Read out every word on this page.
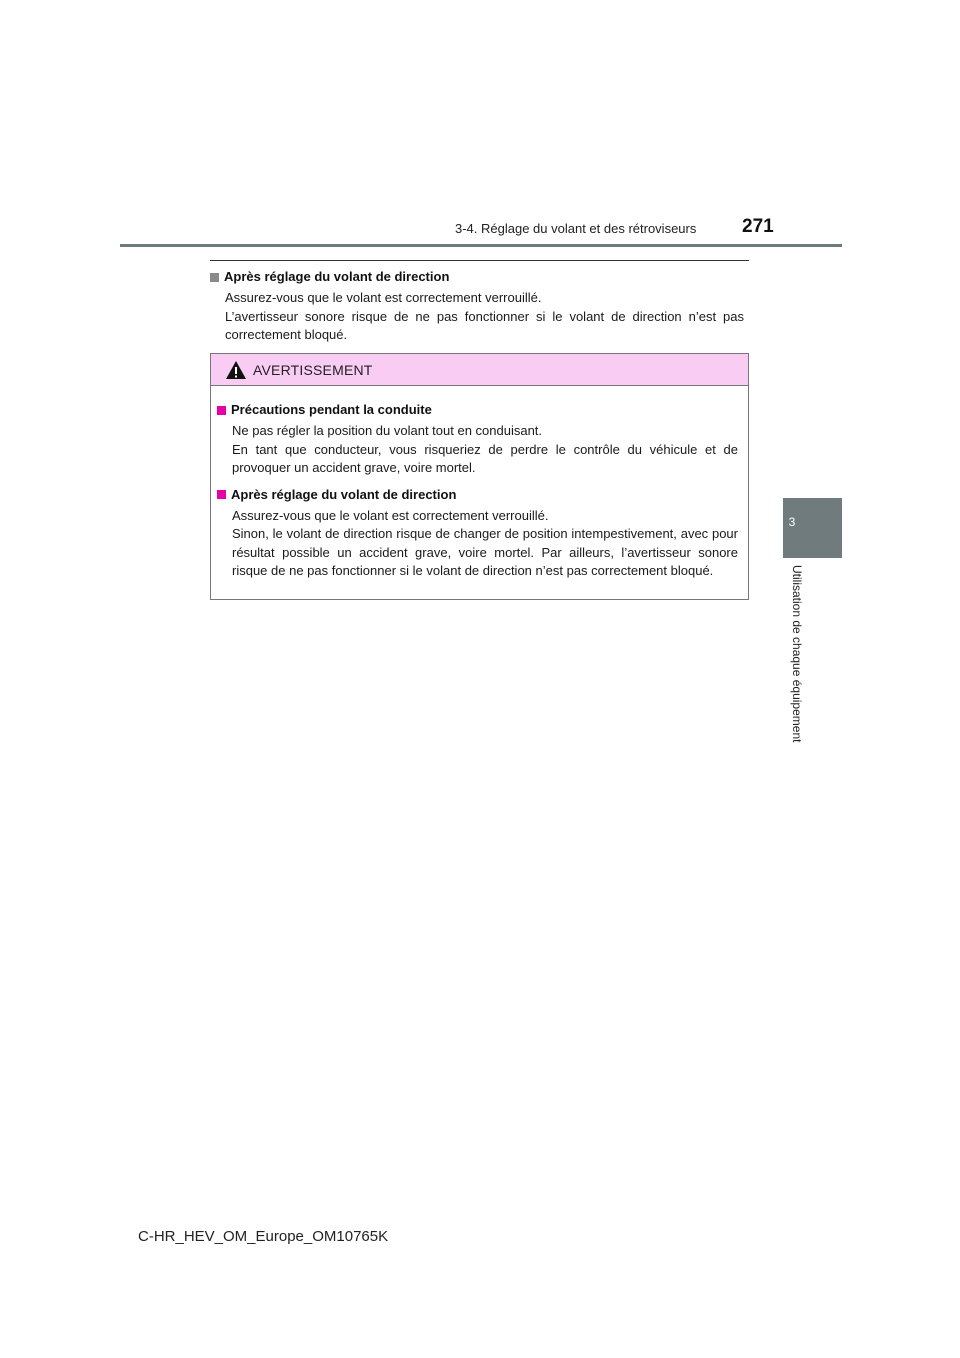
3-4. Réglage du volant et des rétroviseurs 271
3
Utilisation de chaque équipement
Après réglage du volant de direction

Assurez-vous que le volant est correctement verrouillé.

L’avertisseur sonore risque de ne pas fonctionner si le volant de direction n’est pas correctement bloqué.

AVERTISSEMENT
Précautions pendant la conduite

Ne pas régler la position du volant tout en conduisant.

En tant que conducteur, vous risqueriez de perdre le contrôle du véhicule et de provoquer un accident grave, voire mortel.

Après réglage du volant de direction

Assurez-vous que le volant est correctement verrouillé.

Sinon, le volant de direction risque de changer de position intempestivement, avec pour résultat possible un accident grave, voire mortel. Par ailleurs, l’avertisseur sonore risque de ne pas fonctionner si le volant de direction n’est pas correctement bloqué.

C-HR_HEV_OM_Europe_OM10765K
